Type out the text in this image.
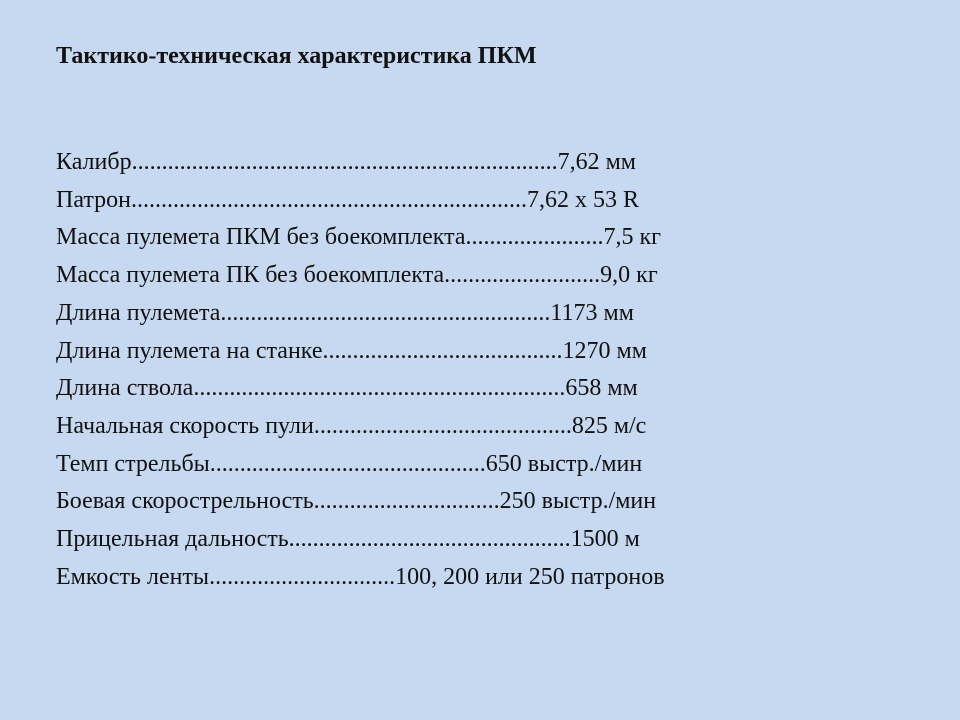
Тактико-техническая характеристика ПКМ
Калибр.......................................................................7,62 мм
Патрон..................................................................7,62 х 53 R
Масса пулемета ПКМ без боекомплекта.......................7,5 кг
Масса пулемета ПК без боекомплекта..........................9,0 кг
Длина пулемета.......................................................1173 мм
Длина пулемета на станке........................................1270 мм
Длина ствола..............................................................658 мм
Начальная скорость пули...........................................825 м/с
Темп стрельбы..............................................650 выстр./мин
Боевая скорострельность...............................250 выстр./мин
Прицельная дальность...............................................1500 м
Емкость ленты...............................100, 200 или 250 патронов
